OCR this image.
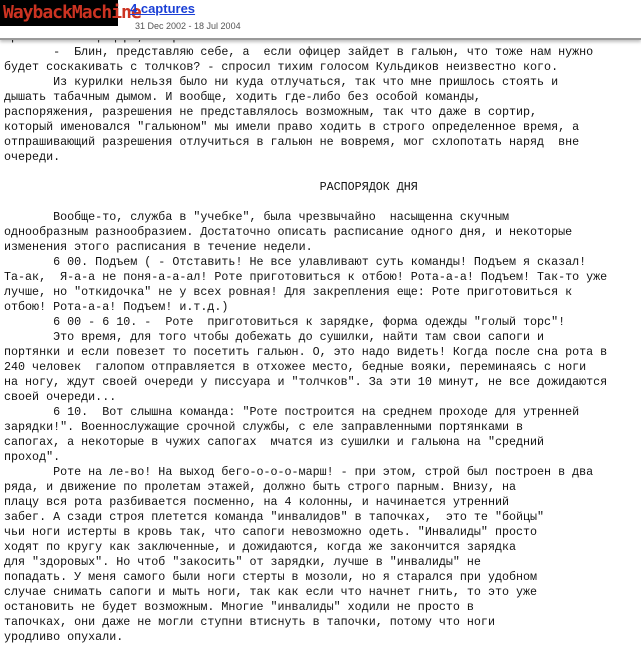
WaybackMachine
4 captures
31 Dec 2002 - 18 Jul 2004

-  Блин, представляю себе, а  если офицер зайдет в гальюн, что тоже нам нужно
будет соскакивать с толчков? - спросил тихим голосом Кульдиков неизвестно кого.
Из курилки нельзя было ни куда отлучаться, так что мне пришлось стоять и
дышать табачным дымом. И вообще, ходить где-либо без особой команды,
распоряжения, разрешения не представлялось возможным, так что даже в сортир,
который именовался "гальюном" мы имели право ходить в строго определенное время, а
отпрашивающий разрешения отлучиться в гальюн не вовремя, мог схлопотать наряд  вне
очереди.

РАСПОРЯДОК ДНЯ

Вообще-то, служба в "учебке", была чрезвычайно  насыщенна скучным
однообразным разнообразием. Достаточно описать расписание одного дня, и некоторые
изменения этого расписания в течение недели.
6 00. Подъем ( - Отставить! Не все улавливают суть команды! Подъем я сказал!
Та-ак,  Я-а-а не поня-а-а-ал! Роте приготовиться к отбою! Рота-а-а! Подъем! Так-то уже
лучше, но "откидочка" не у всех ровная! Для закрепления еще: Роте приготовиться к
отбою! Рота-а-а! Подъем! и.т.д.)
6 00 - 6 10. -  Роте  приготовиться к зарядке, форма одежды "голый торс"!
Это время, для того чтобы добежать до сушилки, найти там свои сапоги и
портянки и если повезет то посетить гальюн. О, это надо видеть! Когда после сна рота в
240 человек  галопом отправляется в отхожее место, бедные вояки, переминаясь с ноги
на ногу, ждут своей очереди у писсуара и "толчков". За эти 10 минут, не все дожидаются
своей очереди...
6 10.  Вот слышна команда: "Роте построится на среднем проходе для утренней
зарядки!". Военнослужащие срочной службы, с еле заправленными портянками в
сапогах, а некоторые в чужих сапогах  мчатся из сушилки и гальюна на "средний
проход".
Роте на ле-во! На выход бего-о-о-о-марш! - при этом, строй был построен в два
ряда, и движение по пролетам этажей, должно быть строго парным. Внизу, на
плацу вся рота разбивается посменно, на 4 колонны, и начинается утренний
забег. А сзади строя плетется команда "инвалидов" в тапочках,  это те "бойцы"
чьи ноги истерты в кровь так, что сапоги невозможно одеть. "Инвалиды" просто
ходят по кругу как заключенные, и дожидаются, когда же закончится зарядка
для "здоровых". Но чтоб "закосить" от зарядки, лучше в "инвалиды" не
попадать. У меня самого были ноги стерты в мозоли, но я старался при удобном
случае снимать сапоги и мыть ноги, так как если что начнет гнить, то это уже
остановить не будет возможным. Многие "инвалиды" ходили не просто в
тапочках, они даже не могли ступни втиснуть в тапочки, потому что ноги
уродливо опухали.
